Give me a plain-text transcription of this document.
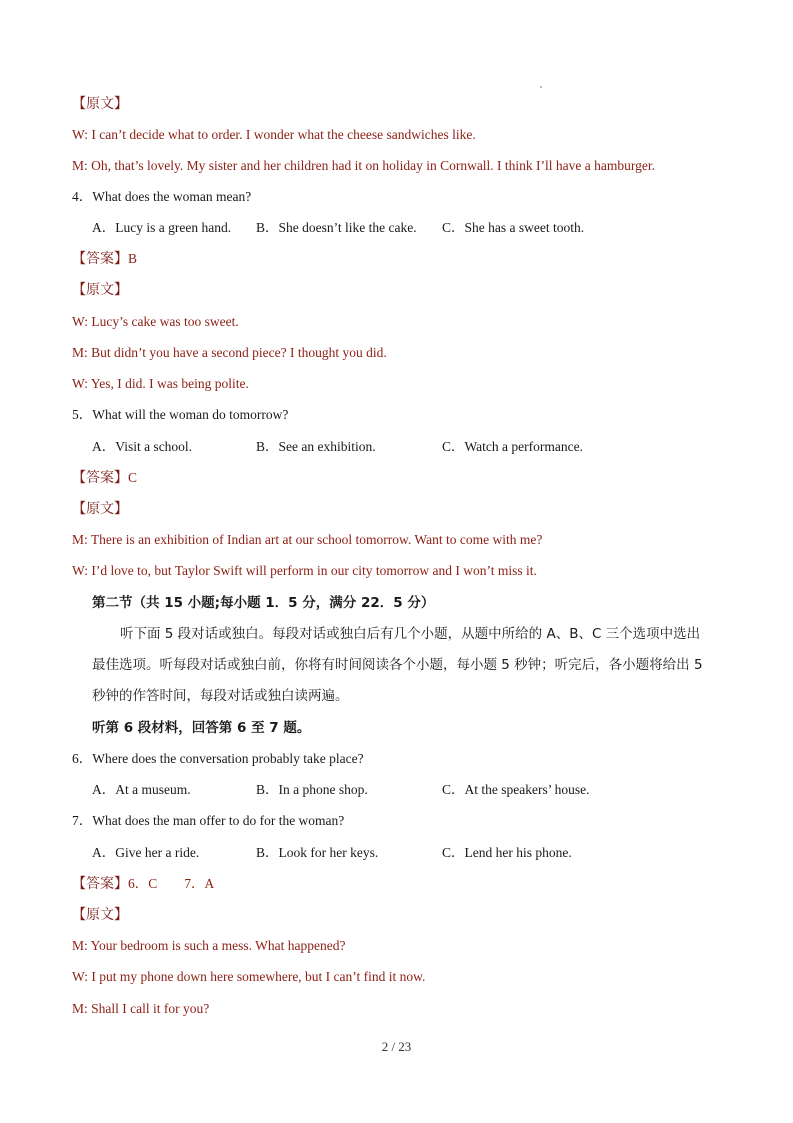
【原文】
W: I can’t decide what to order. I wonder what the cheese sandwiches like.
M: Oh, that’s lovely. My sister and her children had it on holiday in Cornwall. I think I’ll have a hamburger.
4．What does the woman mean?
A．Lucy is a green hand. B．She doesn’t like the cake. C．She has a sweet tooth.
【答案】B
【原文】
W: Lucy’s cake was too sweet.
M: But didn’t you have a second piece? I thought you did.
W: Yes, I did. I was being polite.
5．What will the woman do tomorrow?
A．Visit a school.	B．See an exhibition.	C．Watch a performance.
【答案】C
【原文】
M: There is an exhibition of Indian art at our school tomorrow. Want to come with me?
W: I’d love to, but Taylor Swift will perform in our city tomorrow and I won’t miss it.
第二节（共 15 小题;每小题 1．5 分，满分 22．5 分）
听下面 5 段对话或独白。每段对话或独白后有几个小题，从题中所给的 A、B、C 三个选项中选出
最佳选项。听每段对话或独白前，你将有时间阅读各个小题，每小题 5 秒钟；听完后，各小题将给出 5
秒钟的作答时间，每段对话或独白读两遍。
听第 6 段材料，回答第 6 至 7 题。
6．Where does the conversation probably take place?
A．At a museum.	B．In a phone shop.	C．At the speakers’ house.
7．What does the man offer to do for the woman?
A．Give her a ride.	B．Look for her keys.	C．Lend her his phone.
【答案】6．C　　7．A
【原文】
M: Your bedroom is such a mess. What happened?
W: I put my phone down here somewhere, but I can’t find it now.
M: Shall I call it for you?
2 / 23
